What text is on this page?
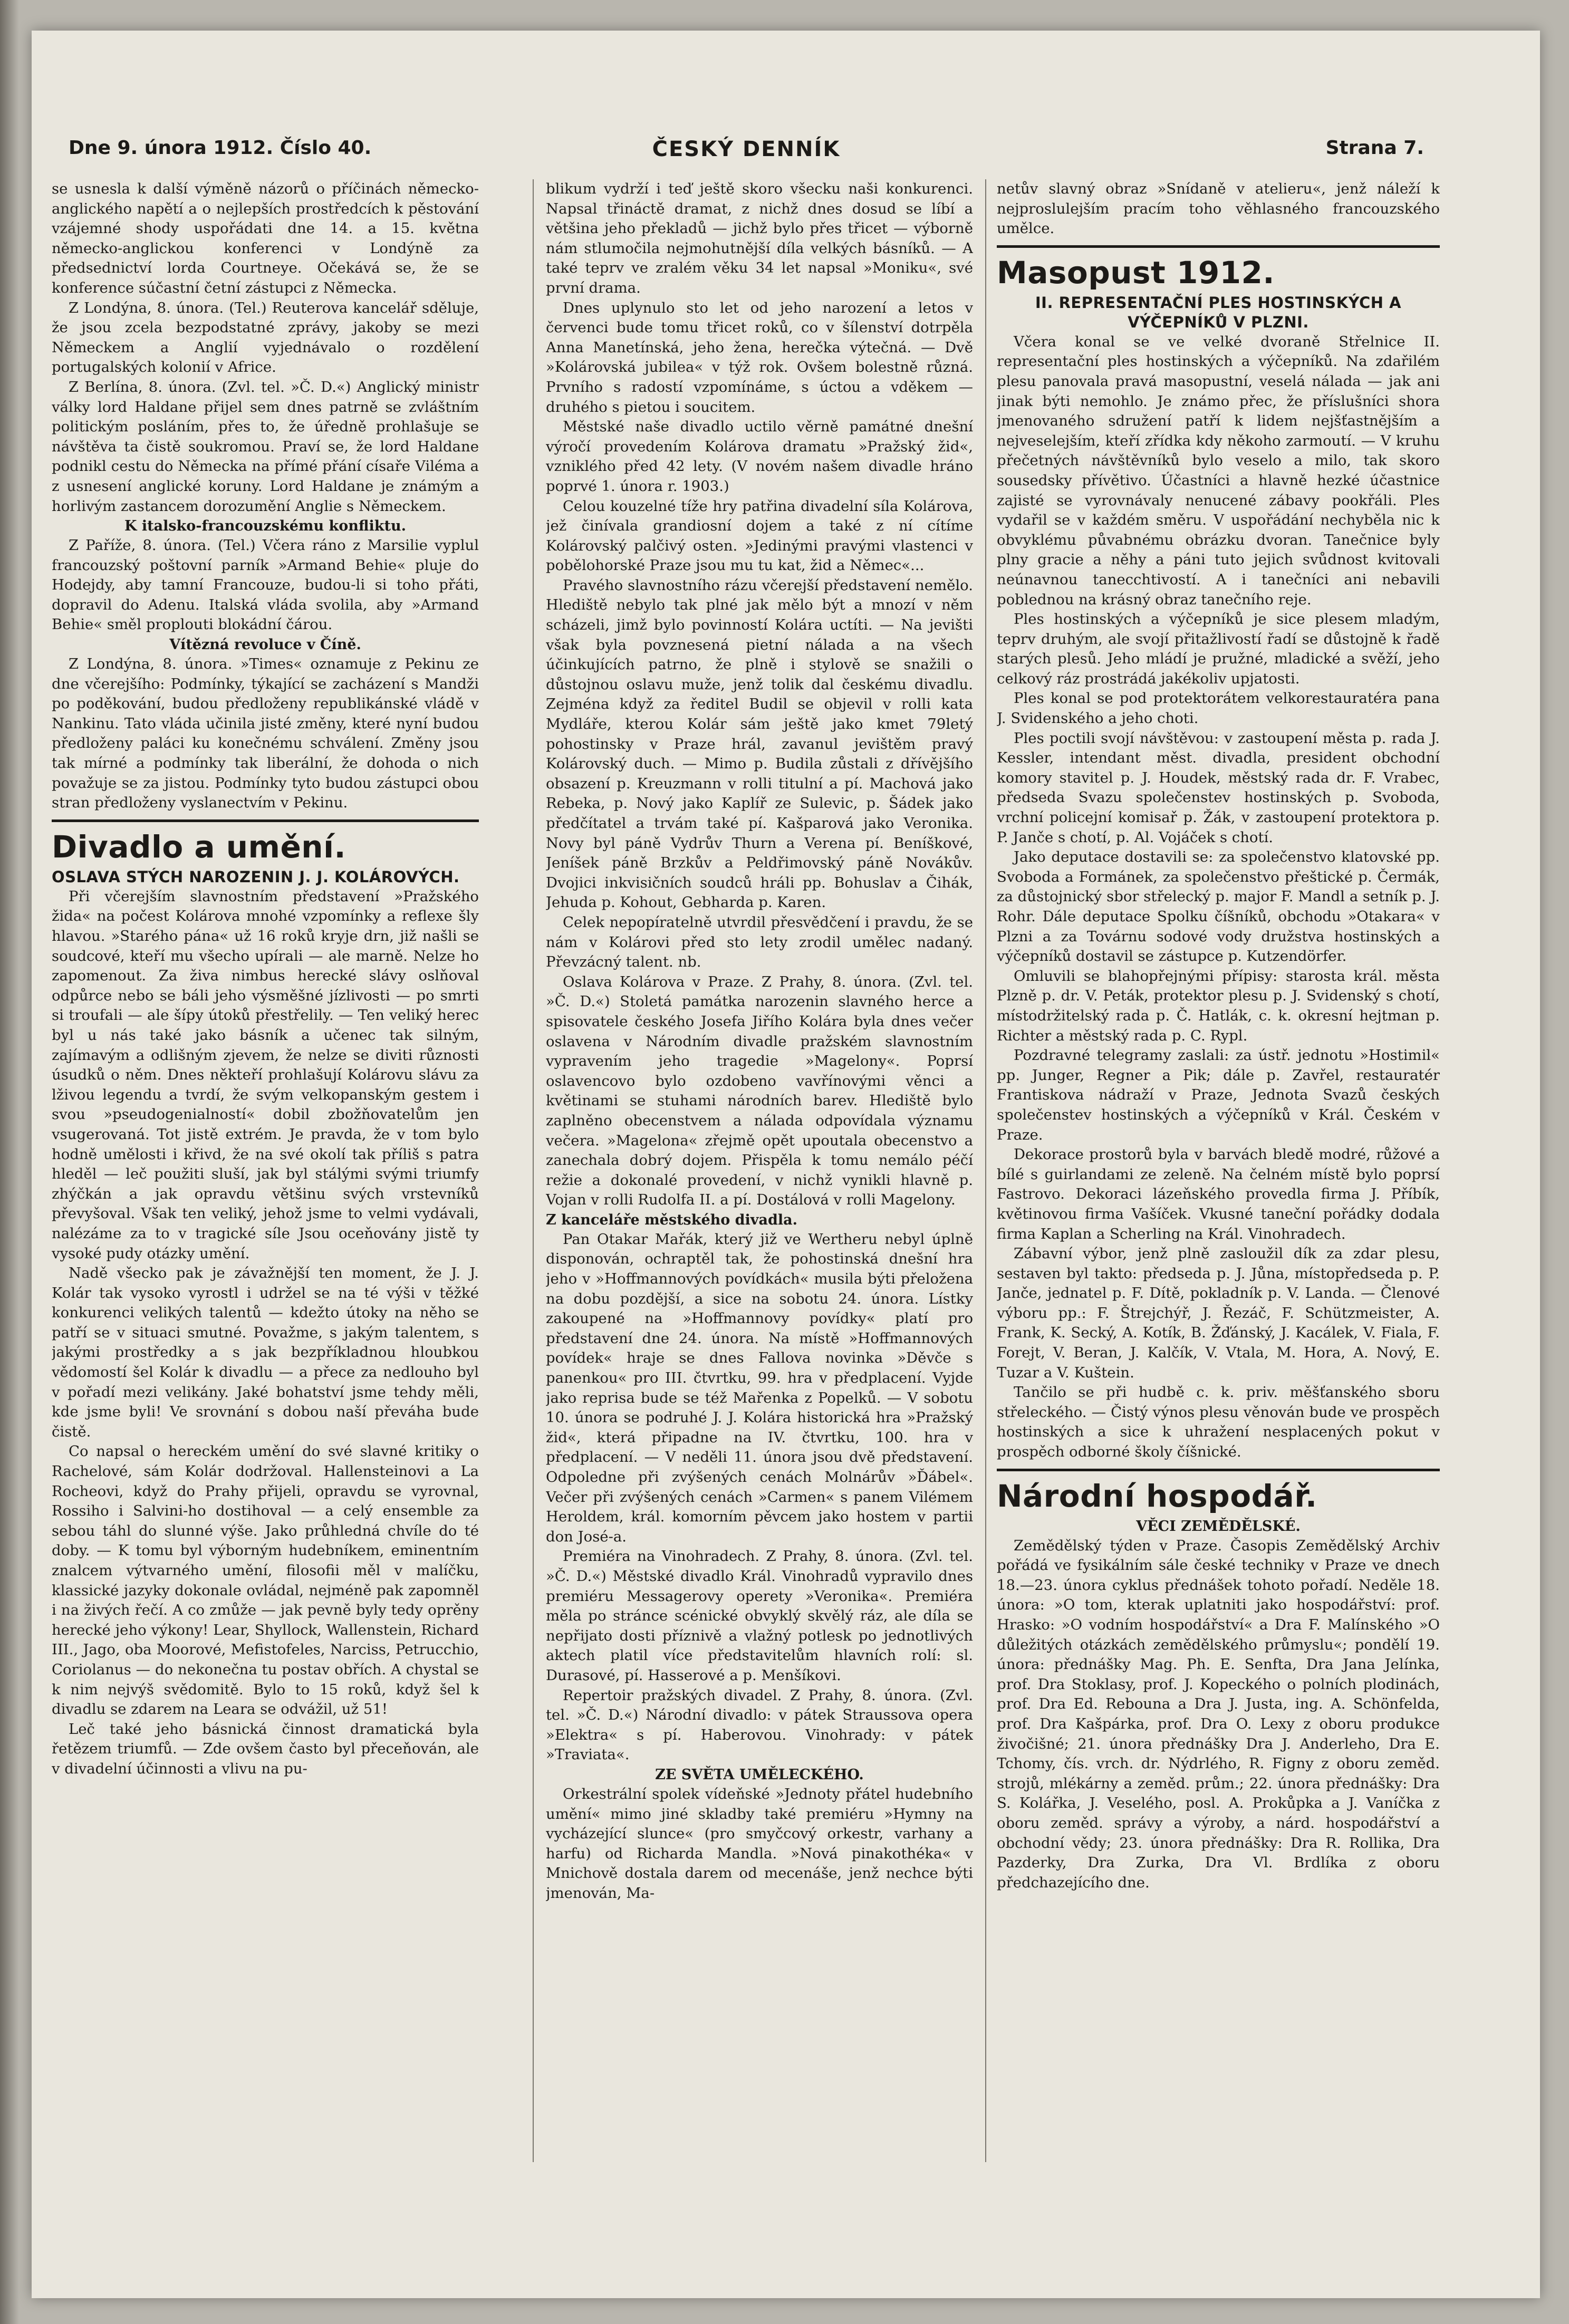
Dne 9. února 1912. Číslo 40.	ČESKÝ DENNÍK	Strana 7.

se usnesla k další výměně názorů o příčinách německo-anglického napětí a o nejlepších prostředcích k pěstování vzájemné shody uspořádati dne 14. a 15. května německo-anglickou konferenci v Londýně za předsednictví lorda Courtneye. Očekává se, že se konference súčastní četní zástupci z Německa.

Z Londýna, 8. února. (Tel.) Reuterova kancelář sděluje, že jsou zcela bezpodstatné zprávy, jakoby se mezi Německem a Anglií vyjednávalo o rozdělení portugalských kolonií v Africe.

Z Berlína, 8. února. (Zvl. tel. »Č. D.«) Anglický ministr války lord Haldane přijel sem dnes patrně se zvláštním politickým posláním, přes to, že úředně prohlašuje se návštěva ta čistě soukromou. Praví se, že lord Haldane podnikl cestu do Německa na přímé přání císaře Viléma a z usnesení anglické koruny. Lord Haldane je známým a horlivým zastancem dorozumění Anglie s Německem.

K italsko-francouzskému konfliktu.

Z Paříže, 8. února. (Tel.) Včera ráno z Marsilie vyplul francouzský poštovní parník »Armand Behie« pluje do Hodejdy, aby tamní Francouze, budou-li si toho přáti, dopravil do Adenu. Italská vláda svolila, aby »Armand Behie« směl proplouti blokádní čárou.

Vítězná revoluce v Číně.

Z Londýna, 8. února. »Times« oznamuje z Pekinu ze dne včerejšího: Podmínky, týkající se zacházení s Mandži po poděkování, budou předloženy republikánské vládě v Nankinu. Tato vláda učinila jisté změny, které nyní budou předloženy paláci ku konečnému schválení. Změny jsou tak mírné a podmínky tak liberální, že dohoda o nich považuje se za jistou. Podmínky tyto budou zástupci obou stran předloženy vyslanectvím v Pekinu.

Divadlo a umění.
OSLAVA STÝCH NAROZENIN J. J. KOLÁROVÝCH.

Při včerejším slavnostním představení »Pražského žida« na počest Kolárova mnohé vzpomínky a reflexe šly hlavou. »Starého pána« už 16 roků kryje drn, již našli se soudcové, kteří mu všecho upírali — ale marně. Nelze ho zapomenout. Za živa nimbus herecké slávy oslňoval odpůrce nebo se báli jeho výsměšné jízlivosti — po smrti si troufali — ale šípy útoků přestřelily. — Ten veliký herec byl u nás také jako básník a učenec tak silným, zajímavým a odlišným zjevem, že nelze se diviti různosti úsudků o něm. Dnes někteří prohlašují Kolárovu slávu za lživou legendu a tvrdí, že svým velkopanským gestem i svou »pseudogenialností« dobil zbožňovatelům jen vsugerovaná. Tot jistě extrém. Je pravda, že v tom bylo hodně umělosti i křivd, že na své okolí tak příliš s patra hleděl — leč použiti sluší, jak byl stálými svými triumfy zhýčkán a jak opravdu většinu svých vrstevníků převyšoval. Však ten veliký, jehož jsme to velmi vydávali, nalézáme za to v tragické síle Jsou oceňovány jistě ty vysoké pudy otázky umění.

Nadě všecko pak je závažnější ten moment, že J. J. Kolár tak vysoko vyrostl i udržel se na té výši v těžké konkurenci velikých talentů — kdežto útoky na něho se patří se v situaci smutné. Považme, s jakým talentem, s jakými prostředky a s jak bezpříkladnou hloubkou vědomostí šel Kolár k divadlu — a přece za nedlouho byl v pořadí mezi velikány. Jaké bohatství jsme tehdy měli, kde jsme byli! Ve srovnání s dobou naší převáha bude čistě.

Co napsal o hereckém umění do své slavné kritiky o Rachelové, sám Kolár dodržoval. Hallensteinovi a La Rocheovi, když do Prahy přijeli, opravdu se vyrovnal, Rossiho i Salvini-ho dostihoval — a celý ensemble za sebou táhl do slunné výše. Jako průhledná chvíle do té doby. — K tomu byl výborným hudebníkem, eminentním znalcem výtvarného umění, filosofii měl v malíčku, klassické jazyky dokonale ovládal, nejméně pak zapomněl i na živých řečí. A co zmůže — jak pevně byly tedy oprěny herecké jeho výkony! Lear, Shyllock, Wallenstein, Richard III., Jago, oba Moorové, Mefistofeles, Narciss, Petrucchio, Coriolanus — do nekonečna tu postav obřích. A chystal se k nim nejvýš svědomitě. Bylo to 15 roků, když šel k divadlu se zdarem na Leara se odvážil, už 51!

Leč také jeho básnická činnost dramatická byla řetězem triumfů. — Zde ovšem často byl přeceňován, ale v divadelní účinnosti a vlivu na pu-

blikum vydrží i teď ještě skoro všecku naši konkurenci. Napsal třináctě dramat, z nichž dnes dosud se líbí a většina jeho překladů — jichž bylo přes třicet — výborně nám stlumočila nejmohutnější díla velkých básníků. — A také teprv ve zralém věku 34 let napsal »Moniku«, své první drama.

Dnes uplynulo sto let od jeho narození a letos v červenci bude tomu třicet roků, co v šílenství dotrpěla Anna Manetínská, jeho žena, herečka výtečná. — Dvě »Kolárovská jubilea« v týž rok. Ovšem bolestně různá. Prvního s radostí vzpomínáme, s úctou a vděkem — druhého s pietou i soucitem.

Městské naše divadlo uctilo věrně památné dnešní výročí provedením Kolárova dramatu »Pražský žid«, vzniklého před 42 lety. (V novém našem divadle hráno poprvé 1. února r. 1903.)

Celou kouzelné tíže hry patřina divadelní síla Kolárova, jež činívala grandiosní dojem a také z ní cítíme Kolárovský palčivý osten. »Jedinými pravými vlastenci v pobělohorské Praze jsou mu tu kat, žid a Němec«...

Pravého slavnostního rázu včerejší představení nemělo. Hlediště nebylo tak plné jak mělo být a mnozí v něm scházeli, jimž bylo povinností Kolára uctíti. — Na jevišti však byla povznesená pietní nálada a na všech účinkujících patrno, že plně i stylově se snažili o důstojnou oslavu muže, jenž tolik dal českému divadlu. Zejména když za ředitel Budil se objevil v rolli kata Mydláře, kterou Kolár sám ještě jako kmet 79letý pohostinsky v Praze hrál, zavanul jevištěm pravý Kolárovský duch. — Mimo p. Budila zůstali z dřívějšího obsazení p. Kreuzmann v rolli titulní a pí. Machová jako Rebeka, p. Nový jako Kaplíř ze Sulevic, p. Šádek jako předčítatel a trvám také pí. Kašparová jako Veronika. Novy byl páně Vydrův Thurn a Verena pí. Beníškové, Jeníšek páně Brzkův a Peldřimovský páně Novákův. Dvojici inkvisičních soudců hráli pp. Bohuslav a Čihák, Jehuda p. Kohout, Gebharda p. Karen.

Celek nepopíratelně utvrdil přesvědčení i pravdu, že se nám v Kolárovi před sto lety zrodil umělec nadaný. Převzácný talent. nb.

Oslava Kolárova v Praze. Z Prahy, 8. února. (Zvl. tel. »Č. D.«) Stoletá památka narozenin slavného herce a spisovatele českého Josefa Jiřího Kolára byla dnes večer oslavena v Národním divadle pražském slavnostním vypravením jeho tragedie »Magelony«. Poprsí oslavencovo bylo ozdobeno vavřínovými věnci a květinami se stuhami národních barev. Hlediště bylo zaplněno obecenstvem a nálada odpovídala významu večera. »Magelona« zřejmě opět upoutala obecenstvo a zanechala dobrý dojem. Přispěla k tomu nemálo péčí režie a dokonalé provedení, v nichž vynikli hlavně p. Vojan v rolli Rudolfa II. a pí. Dostálová v rolli Magelony.

Z kanceláře městského divadla.

Pan Otakar Mařák, který již ve Wertheru nebyl úplně disponován, ochraptěl tak, že pohostinská dnešní hra jeho v »Hoffmannových povídkách« musila býti přeložena na dobu pozdější, a sice na sobotu 24. února. Lístky zakoupené na »Hoffmannovy povídky« platí pro představení dne 24. února. Na místě »Hoffmannových povídek« hraje se dnes Fallova novinka »Děvče s panenkou« pro III. čtvrtku, 99. hra v předplacení. Vyjde jako reprisa bude se též Mařenka z Popelků. — V sobotu 10. února se podruhé J. J. Kolára historická hra »Pražský žid«, která připadne na IV. čtvrtku, 100. hra v předplacení. — V neděli 11. února jsou dvě představení. Odpoledne při zvýšených cenách Molnárův »Ďábel«. Večer při zvýšených cenách »Carmen« s panem Vilémem Heroldem, král. komorním pěvcem jako hostem v partii don José-a.

Premiéra na Vinohradech. Z Prahy, 8. února. (Zvl. tel. »Č. D.«) Městské divadlo Král. Vinohradů vypravilo dnes premiéru Messagerovy operety »Veronika«. Premiéra měla po stránce scénické obvyklý skvělý ráz, ale díla se nepřijato dosti příznivě a vlažný potlesk po jednotlivých aktech platil více představitelům hlavních rolí: sl. Durasové, pí. Hasserové a p. Menšíkovi.

Repertoir pražských divadel. Z Prahy, 8. února. (Zvl. tel. »Č. D.«) Národní divadlo: v pátek Straussova opera »Elektra« s pí. Haberovou. Vinohrady: v pátek »Traviata«.

ZE SVĚTA UMĚLECKÉHO.

Orkestrální spolek vídeňské »Jednoty přátel hudebního umění« mimo jiné skladby také premiéru »Hymny na vycházející slunce« (pro smyčcový orkestr, varhany a harfu) od Richarda Mandla. »Nová pinakothéka« v Mnichově dostala darem od mecenáše, jenž nechce býti jmenován, Ma-

netův slavný obraz »Snídaně v atelieru«, jenž náleží k nejproslulejším pracím toho věhlasného francouzského umělce.

Masopust 1912.
II. REPRESENTAČNÍ PLES HOSTINSKÝCH A VÝČEPNÍKŮ V PLZNI.

Včera konal se ve velké dvoraně Střelnice II. representační ples hostinských a výčepníků. Na zdařilém plesu panovala pravá masopustní, veselá nálada — jak ani jinak býti nemohlo. Je známo přec, že příslušníci shora jmenovaného sdružení patří k lidem nejšťastnějším a nejveselejším, kteří zřídka kdy někoho zarmoutí. — V kruhu přečetných návštěvníků bylo veselo a milo, tak skoro sousedsky přívětivo. Účastníci a hlavně hezké účastnice zajisté se vyrovnávaly nenucené zábavy pookřáli. Ples vydařil se v každém směru. V uspořádání nechyběla nic k obvyklému půvabnému obrázku dvoran. Tanečnice byly plny gracie a něhy a páni tuto jejich svůdnost kvitovali neúnavnou tanecchtivostí. A i tanečníci ani nebavili poblednou na krásný obraz tanečního reje.

Ples hostinských a výčepníků je sice plesem mladým, teprv druhým, ale svojí přitažlivostí řadí se důstojně k řadě starých plesů. Jeho mládí je pružné, mladické a svěží, jeho celkový ráz prostrádá jakékoliv upjatosti.

Ples konal se pod protektorátem velkorestauratéra pana J. Svidenského a jeho choti.

Ples poctili svojí návštěvou: v zastoupení města p. rada J. Kessler, intendant měst. divadla, president obchodní komory stavitel p. J. Houdek, městský rada dr. F. Vrabec, předseda Svazu společenstev hostinských p. Svoboda, vrchní policejní komisař p. Žák, v zastoupení protektora p. P. Janče s chotí, p. Al. Vojáček s chotí.

Jako deputace dostavili se: za společenstvo klatovské pp. Svoboda a Formánek, za společenstvo přeštické p. Čermák, za důstojnický sbor střelecký p. major F. Mandl a setník p. J. Rohr. Dále deputace Spolku číšníků, obchodu »Otakara« v Plzni a za Továrnu sodové vody družstva hostinských a výčepníků dostavil se zástupce p. Kutzendörfer.

Omluvili se blahopřejnými přípisy: starosta král. města Plzně p. dr. V. Peták, protektor plesu p. J. Svidenský s chotí, místodržitelský rada p. Č. Hatlák, c. k. okresní hejtman p. Richter a městský rada p. C. Rypl.

Pozdravné telegramy zaslali: za ústř. jednotu »Hostimil« pp. Junger, Regner a Pik; dále p. Zavřel, restauratér Frantiskova nádraží v Praze, Jednota Svazů českých společenstev hostinských a výčepníků v Král. Českém v Praze.

Dekorace prostorů byla v barvách bledě modré, růžové a bílé s guirlandami ze zeleně. Na čelném místě bylo poprsí Fastrovo. Dekoraci lázeňského provedla firma J. Příbík, květinovou firma Vašíček. Vkusné taneční pořádky dodala firma Kaplan a Scherling na Král. Vinohradech.

Zábavní výbor, jenž plně zasloužil dík za zdar plesu, sestaven byl takto: předseda p. J. Jůna, místopředseda p. P. Janče, jednatel p. F. Dítě, pokladník p. V. Landa. — Členové výboru pp.: F. Štrejchýř, J. Řezáč, F. Schützmeister, A. Frank, K. Secký, A. Kotík, B. Žďánský, J. Kacálek, V. Fiala, F. Forejt, V. Beran, J. Kalčík, V. Vtala, M. Hora, A. Nový, E. Tuzar a V. Kuštein.

Tančilo se při hudbě c. k. priv. měšťanského sboru střeleckého. — Čistý výnos plesu věnován bude ve prospěch hostinských a sice k uhražení nesplacených pokut v prospěch odborné školy číšnické.

Národní hospodář.
VĚCI ZEMĚDĚLSKÉ.

Zemědělský týden v Praze. Časopis Zemědělský Archiv pořádá ve fysikálním sále české techniky v Praze ve dnech 18.—23. února cyklus přednášek tohoto pořadí. Neděle 18. února: »O tom, kterak uplatniti jako hospodářství: prof. Hrasko: »O vodním hospodářství« a Dra F. Malínského »O důležitých otázkách zemědělského průmyslu«; pondělí 19. února: přednášky Mag. Ph. E. Senfta, Dra Jana Jelínka, prof. Dra Stoklasy, prof. J. Kopeckého o polních plodinách, prof. Dra Ed. Rebouna a Dra J. Justa, ing. A. Schönfelda, prof. Dra Kašpárka, prof. Dra O. Lexy z oboru produkce živočišné; 21. února přednášky Dra J. Anderleho, Dra E. Tchomy, čís. vrch. dr. Nýdrlého, R. Figny z oboru zeměd. strojů, mlékárny a zeměd. prům.; 22. února přednášky: Dra S. Kolářka, J. Veselého, posl. A. Prokůpka a J. Vaníčka z oboru zeměd. správy a výroby, a nárd. hospodářství a obchodní vědy; 23. února přednášky: Dra R. Rollika, Dra Pazderky, Dra Zurka, Dra Vl. Brdlíka z oboru předchazejícího dne.
